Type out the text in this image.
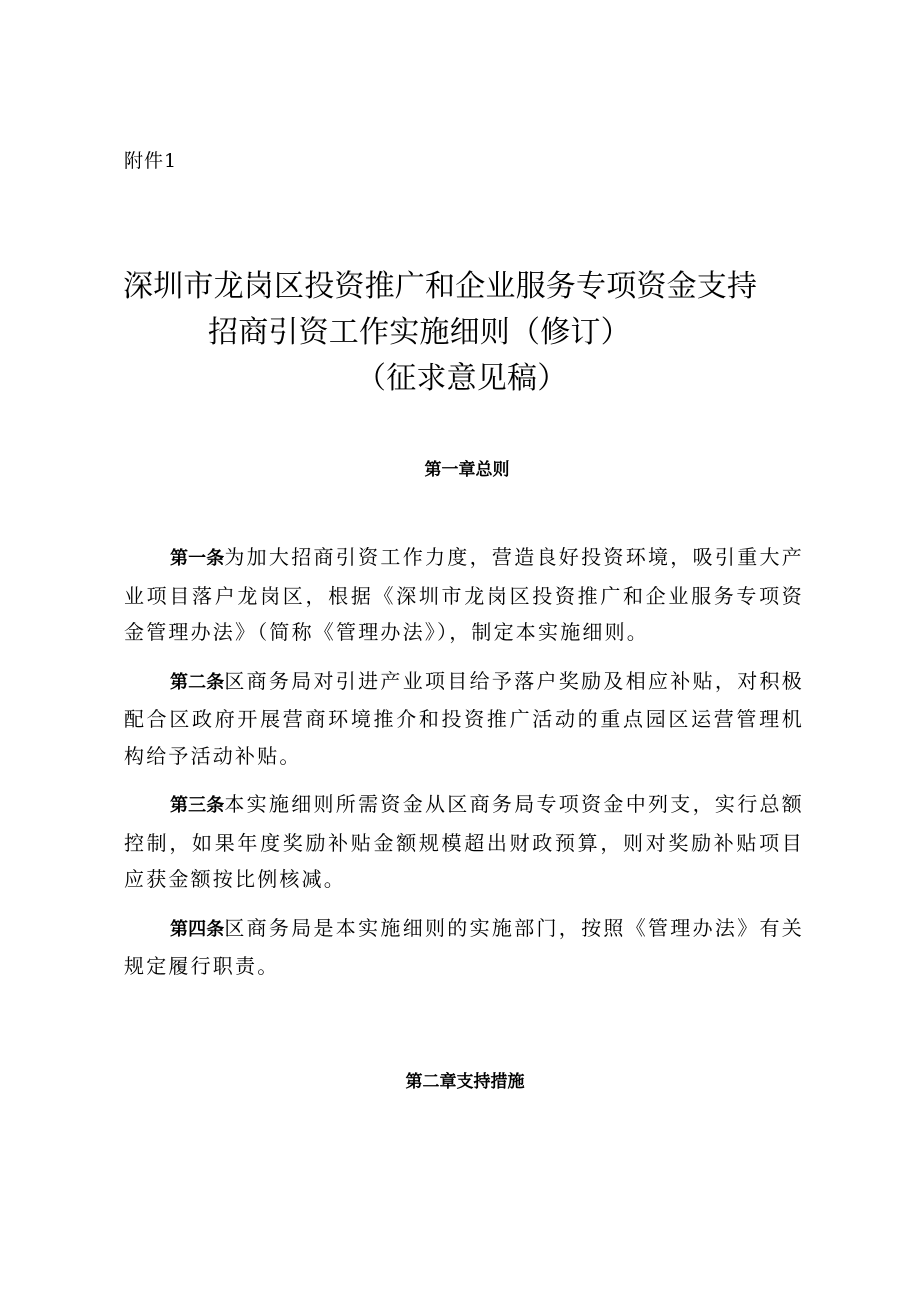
附件1

深圳市龙岗区投资推广和企业服务专项资金支持
招商引资工作实施细则（修订）
（征求意见稿）
第一章总则

第一条为加大招商引资工作力度，营造良好投资环境，吸引重大产业项目落户龙岗区，根据《深圳市龙岗区投资推广和企业服务专项资金管理办法》（简称《管理办法》），制定本实施细则。

第二条区商务局对引进产业项目给予落户奖励及相应补贴，对积极配合区政府开展营商环境推介和投资推广活动的重点园区运营管理机构给予活动补贴。

第三条本实施细则所需资金从区商务局专项资金中列支，实行总额控制，如果年度奖励补贴金额规模超出财政预算，则对奖励补贴项目应获金额按比例核减。

第四条区商务局是本实施细则的实施部门，按照《管理办法》有关规定履行职责。

第二章支持措施
